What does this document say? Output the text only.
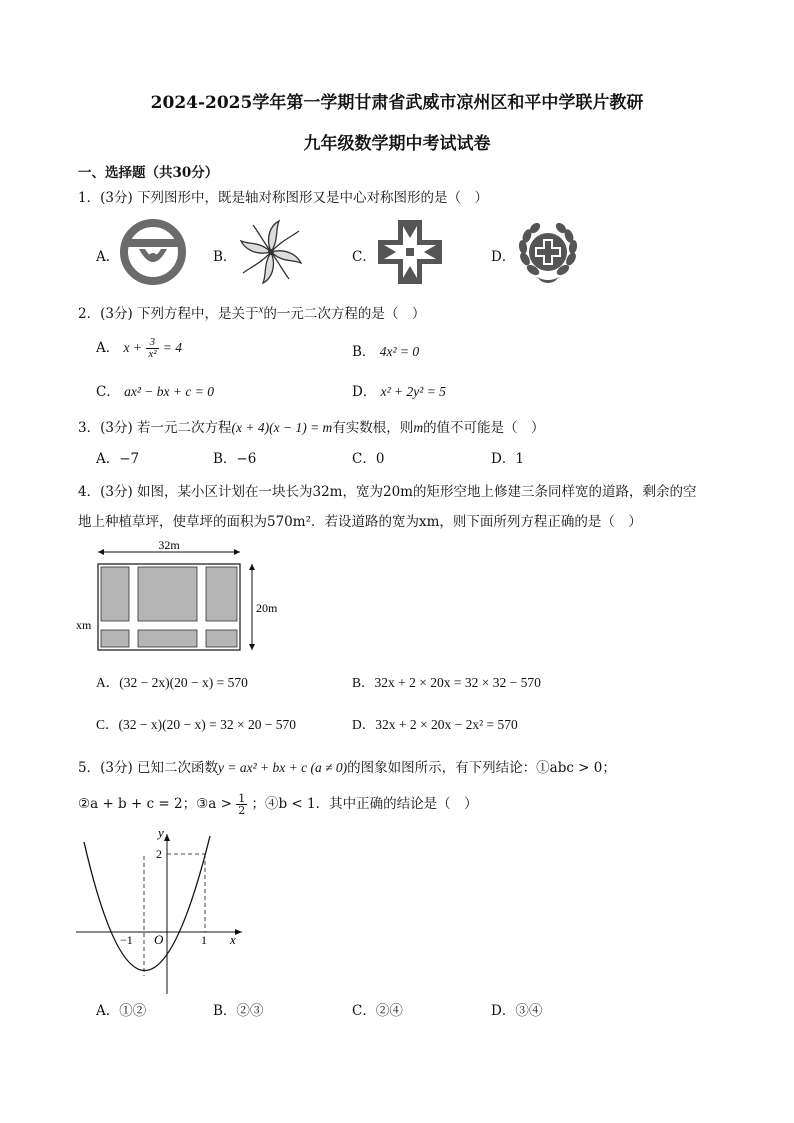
2024-2025学年第一学期甘肃省武威市凉州区和平中学联片教研
九年级数学期中考试试卷
一、选择题（共30分）
1．(3分) 下列图形中，既是轴对称图形又是中心对称图形的是（　）
A．	B．	C．	D．
2．(3分) 下列方程中，是关于$^x$的一元二次方程的是（　）
A． $x + \frac{3}{\text{x²}} = 4$	B． 4x² = 0
C． ax² − bx + c = 0	D． x² + 2y² = 5
3．(3分) 若一元二次方程(x + 4)(x − 1) = m有实数根，则m的值不可能是（　）
A．−7	B．−6	C．0	D．1
4．(3分) 如图，某小区计划在一块长为32m，宽为20m的矩形空地上修建三条同样宽的道路，剩余的空
地上种植草坪，使草坪的面积为570m²．若设道路的宽为xm，则下面所列方程正确的是（　）
32m
20m
xm
A．(32 − 2x)(20 − x) = 570	B．32x + 2 × 20x = 32 × 32 − 570
C．(32 − x)(20 − x) = 32 × 20 − 570	D．32x + 2 × 20x − 2x² = 570
5．(3分) 已知二次函数y = ax² + bx + c (a ≠ 0)的图象如图所示，有下列结论：①abc > 0；
②a + b + c = 2；③a > $\frac{1}{2}$ ；④b < 1．其中正确的结论是（　）
y
x
O
−1	1
2
A．①②	B．②③	C．②④	D．③④
